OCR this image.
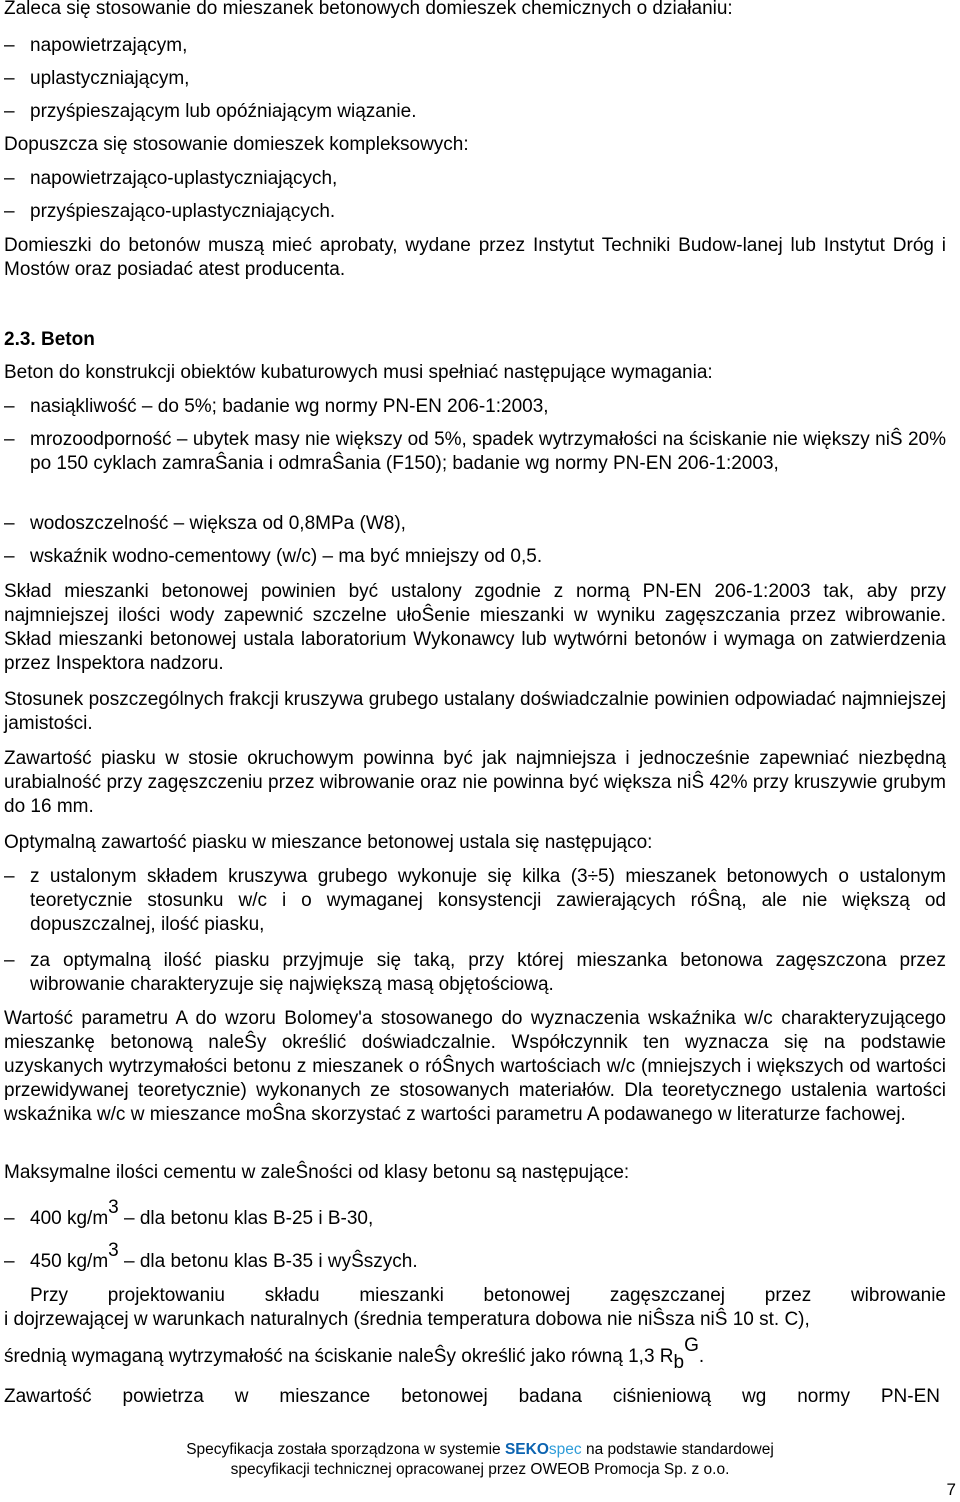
Zaleca się stosowanie do mieszanek betonowych domieszek chemicznych o działaniu:
– napowietrzającym,
– uplastyczniającym,
– przyśpieszającym lub opóźniającym wiązanie.
Dopuszcza się stosowanie domieszek kompleksowych:
– napowietrzająco-uplastyczniających,
– przyśpieszająco-uplastyczniających.
Domieszki do betonów muszą mieć aprobaty, wydane przez Instytut Techniki Budow-lanej lub Instytut Dróg i Mostów oraz posiadać atest producenta.
2.3. Beton
Beton do konstrukcji obiektów kubaturowych musi spełniać następujące wymagania:
– nasiąkliwość – do 5%; badanie wg normy PN-EN 206-1:2003,
– mrozoodporność – ubytek masy nie większy od 5%, spadek wytrzymałości na ściskanie nie większy niŜ 20% po 150 cyklach zamraŜania i odmraŜania (F150); badanie wg normy PN-EN 206-1:2003,
– wodoszczelność – większa od 0,8MPa (W8),
– wskaźnik wodno-cementowy (w/c) – ma być mniejszy od 0,5.
Skład mieszanki betonowej powinien być ustalony zgodnie z normą PN-EN 206-1:2003 tak, aby przy najmniejszej ilości wody zapewnić szczelne ułoŜenie mieszanki w wyniku zagęszczania przez wibrowanie. Skład mieszanki betonowej ustala laboratorium Wykonawcy lub wytwórni betonów i wymaga on zatwierdzenia przez Inspektora nadzoru.
Stosunek poszczególnych frakcji kruszywa grubego ustalany doświadczalnie powinien odpowiadać najmniejszej jamistości.
Zawartość piasku w stosie okruchowym powinna być jak najmniejsza i jednocześnie zapewniać niezbędną urabialność przy zagęszczeniu przez wibrowanie oraz nie powinna być większa niŜ 42% przy kruszywie grubym do 16 mm.
Optymalną zawartość piasku w mieszance betonowej ustala się następująco:
– z ustalonym składem kruszywa grubego wykonuje się kilka (3÷5) mieszanek betonowych o ustalonym teoretycznie stosunku w/c i o wymaganej konsystencji zawierających róŜną, ale nie większą od dopuszczalnej, ilość piasku,
– za optymalną ilość piasku przyjmuje się taką, przy której mieszanka betonowa zagęszczona przez wibrowanie charakteryzuje się największą masą objętościową.
Wartość parametru A do wzoru Bolomey'a stosowanego do wyznaczenia wskaźnika w/c charakteryzującego mieszankę betonową naleŜy określić doświadczalnie. Współczynnik ten wyznacza się na podstawie uzyskanych wytrzymałości betonu z mieszanek o róŜnych wartościach w/c (mniejszych i większych od wartości przewidywanej teoretycznie) wykonanych ze stosowanych materiałów. Dla teoretycznego ustalenia wartości wskaźnika w/c w mieszance moŜna skorzystać z wartości parametru A podawanego w literaturze fachowej.
Maksymalne ilości cementu w zaleŜności od klasy betonu są następujące:
– 400 $kg/m^3$ – dla betonu klas B-25 i B-30,
– 450 $kg/m^3$ – dla betonu klas B-35 i wyŜszych.
Przy projektowaniu składu mieszanki betonowej zagęszczanej przez wibrowanie
i dojrzewającej w warunkach naturalnych (średnia temperatura dobowa nie niŜsza niŜ 10 st. C),
średnią wymaganą wytrzymałość na ściskanie naleŜy określić jako równą 1,3 $R_b^G$.
Zawartość powietrza w mieszance betonowej badana ciśnieniową wg normy PN-EN
Specyfikacja została sporządzona w systemie SEKOspec na podstawie standardowej
specyfikacji technicznej opracowanej przez OWEOB Promocja Sp. z o.o.
7
